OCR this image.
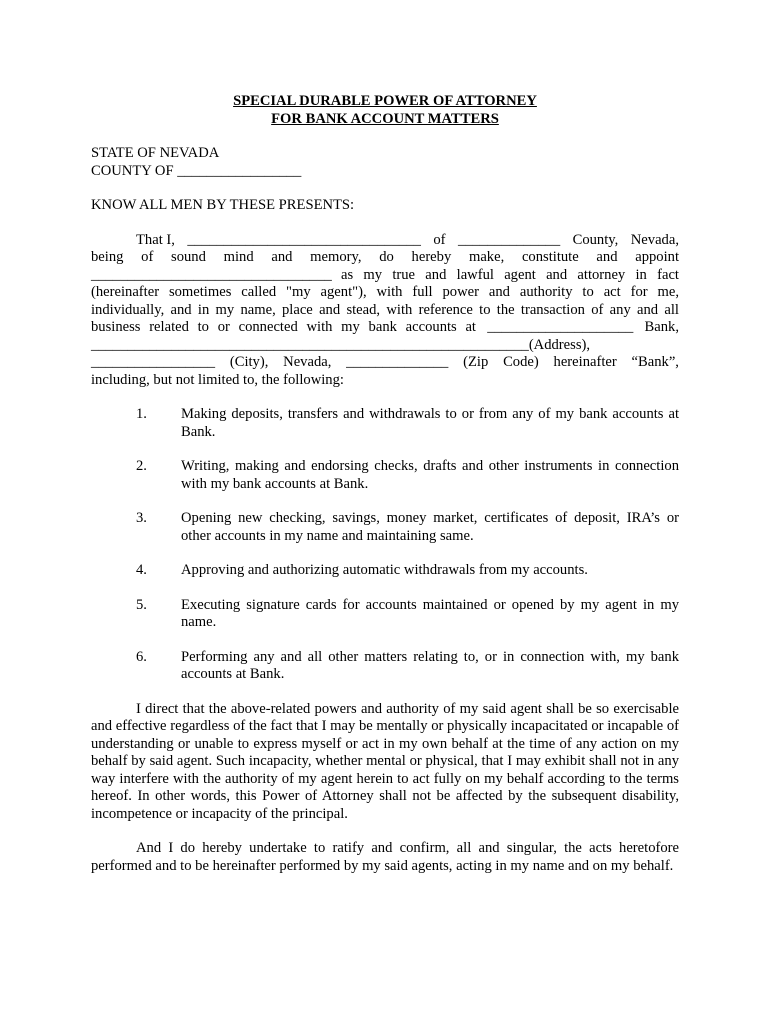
SPECIAL DURABLE POWER OF ATTORNEY

FOR BANK ACCOUNT MATTERS

STATE OF NEVADA

COUNTY OF _________________

KNOW ALL MEN BY THESE PRESENTS:

That I, ________________________________ of ______________ County, Nevada,

being of sound mind and memory, do hereby make, constitute and appoint

_________________________________ as my true and lawful agent and attorney in fact

(hereinafter sometimes called "my agent"), with full power and authority to act for me,

individually, and in my name, place and stead, with reference to the transaction of any and all

business related to or connected with my bank accounts at ____________________ Bank,

____________________________________________________________(Address),

_________________ (City), Nevada, ______________ (Zip Code) hereinafter “Bank”,

including, but not limited to, the following:

1.	Making deposits, transfers and withdrawals to or from any of my bank accounts at Bank.
2.	Writing, making and endorsing checks, drafts and other instruments in connection with my bank accounts at Bank.
3.	Opening new checking, savings, money market, certificates of deposit, IRA’s or other accounts in my name and maintaining same.
4.	Approving and authorizing automatic withdrawals from my accounts.
5.	Executing signature cards for accounts maintained or opened by my agent in my name.
6.	Performing any and all other matters relating to, or in connection with, my bank accounts at Bank.

I direct that the above-related powers and authority of my said agent shall be so exercisable and effective regardless of the fact that I may be mentally or physically incapacitated or incapable of understanding or unable to express myself or act in my own behalf at the time of any action on my behalf by said agent. Such incapacity, whether mental or physical, that I may exhibit shall not in any way interfere with the authority of my agent herein to act fully on my behalf according to the terms hereof. In other words, this Power of Attorney shall not be affected by the subsequent disability, incompetence or incapacity of the principal.

And I do hereby undertake to ratify and confirm, all and singular, the acts heretofore performed and to be hereinafter performed by my said agents, acting in my name and on my behalf.
